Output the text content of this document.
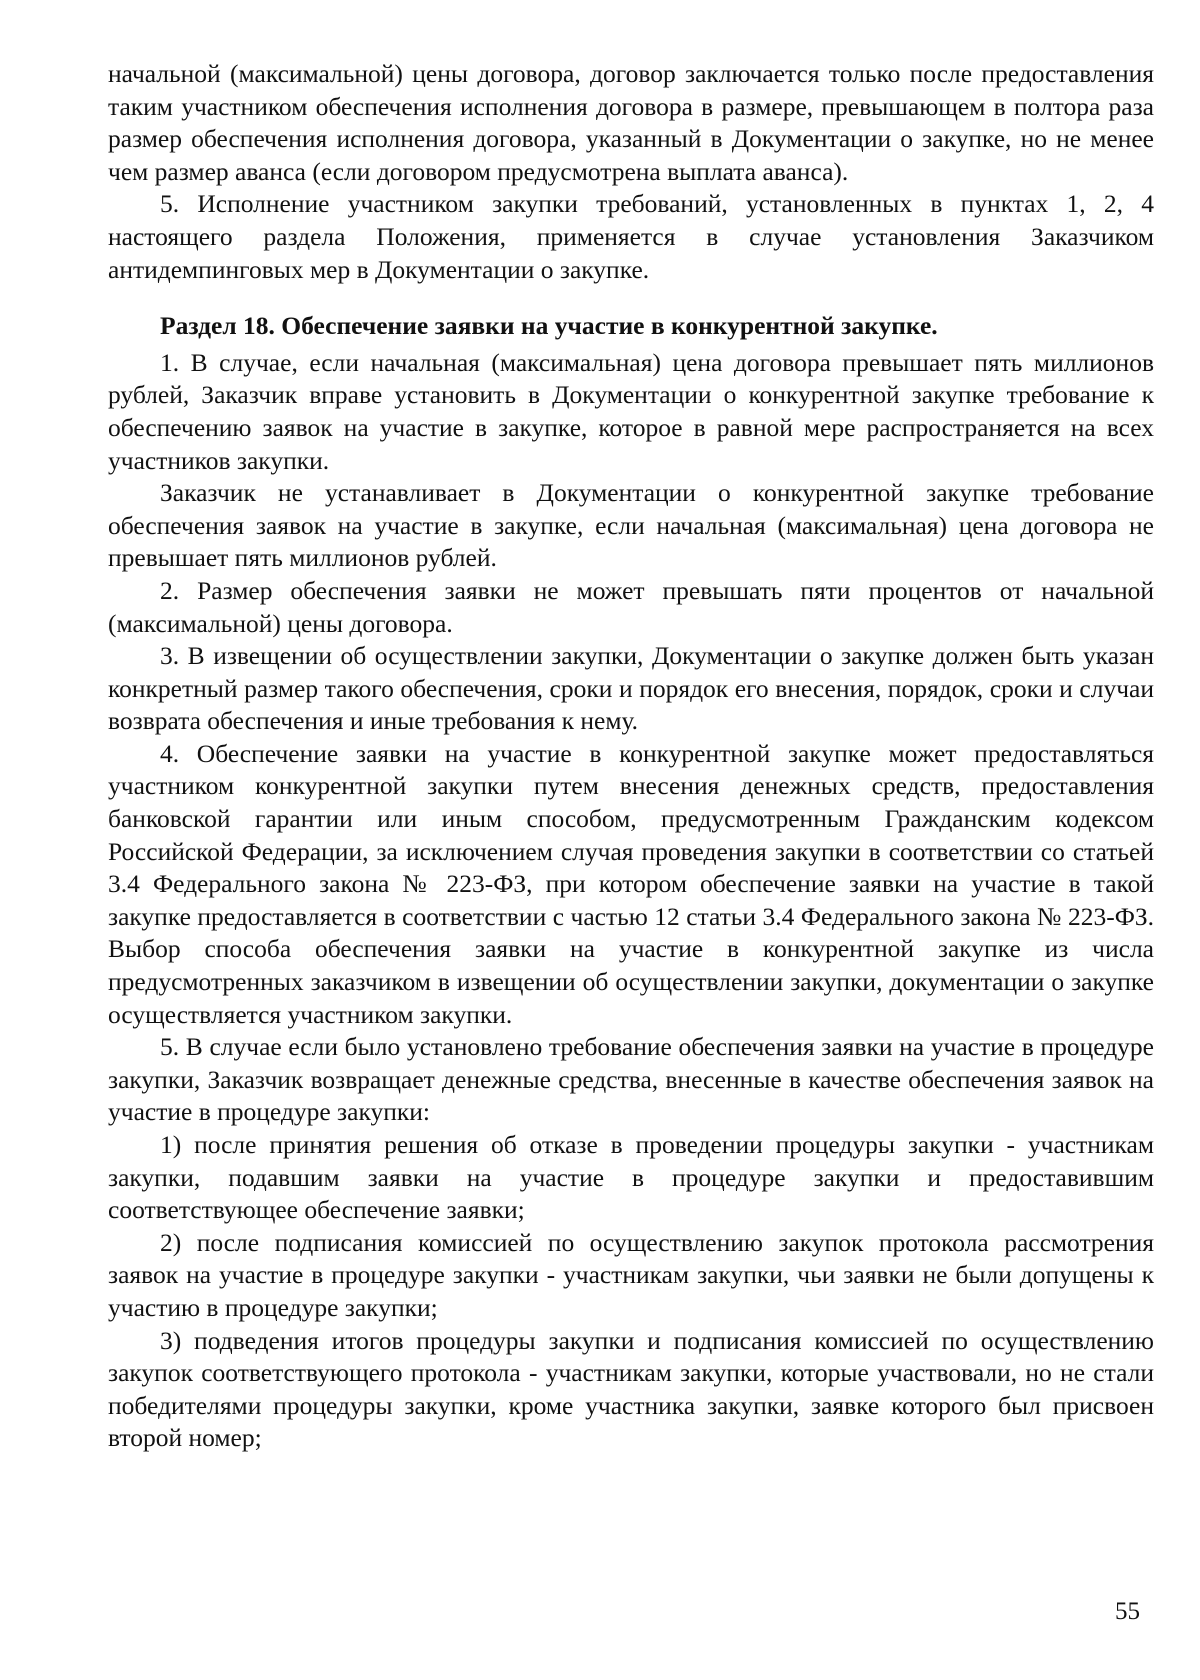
начальной (максимальной) цены договора, договор заключается только после предоставления таким участником обеспечения исполнения договора в размере, превышающем в полтора раза размер обеспечения исполнения договора, указанный в Документации о закупке, но не менее чем размер аванса (если договором предусмотрена выплата аванса).

5. Исполнение участником закупки требований, установленных в пунктах 1, 2, 4 настоящего раздела Положения, применяется в случае установления Заказчиком антидемпинговых мер в Документации о закупке.

Раздел 18. Обеспечение заявки на участие в конкурентной закупке.

1. В случае, если начальная (максимальная) цена договора превышает пять миллионов рублей, Заказчик вправе установить в Документации о конкурентной закупке требование к обеспечению заявок на участие в закупке, которое в равной мере распространяется на всех участников закупки.

Заказчик не устанавливает в Документации о конкурентной закупке требование обеспечения заявок на участие в закупке, если начальная (максимальная) цена договора не превышает пять миллионов рублей.

2. Размер обеспечения заявки не может превышать пяти процентов от начальной (максимальной) цены договора.

3. В извещении об осуществлении закупки, Документации о закупке должен быть указан конкретный размер такого обеспечения, сроки и порядок его внесения, порядок, сроки и случаи возврата обеспечения и иные требования к нему.

4. Обеспечение заявки на участие в конкурентной закупке может предоставляться участником конкурентной закупки путем внесения денежных средств, предоставления банковской гарантии или иным способом, предусмотренным Гражданским кодексом Российской Федерации, за исключением случая проведения закупки в соответствии со статьей 3.4 Федерального закона № 223-ФЗ, при котором обеспечение заявки на участие в такой закупке предоставляется в соответствии с частью 12 статьи 3.4 Федерального закона № 223-ФЗ. Выбор способа обеспечения заявки на участие в конкурентной закупке из числа предусмотренных заказчиком в извещении об осуществлении закупки, документации о закупке осуществляется участником закупки.

5. В случае если было установлено требование обеспечения заявки на участие в процедуре закупки, Заказчик возвращает денежные средства, внесенные в качестве обеспечения заявок на участие в процедуре закупки:

1) после принятия решения об отказе в проведении процедуры закупки - участникам закупки, подавшим заявки на участие в процедуре закупки и предоставившим соответствующее обеспечение заявки;

2) после подписания комиссией по осуществлению закупок протокола рассмотрения заявок на участие в процедуре закупки - участникам закупки, чьи заявки не были допущены к участию в процедуре закупки;

3) подведения итогов процедуры закупки и подписания комиссией по осуществлению закупок соответствующего протокола - участникам закупки, которые участвовали, но не стали победителями процедуры закупки, кроме участника закупки, заявке которого был присвоен второй номер;

55
